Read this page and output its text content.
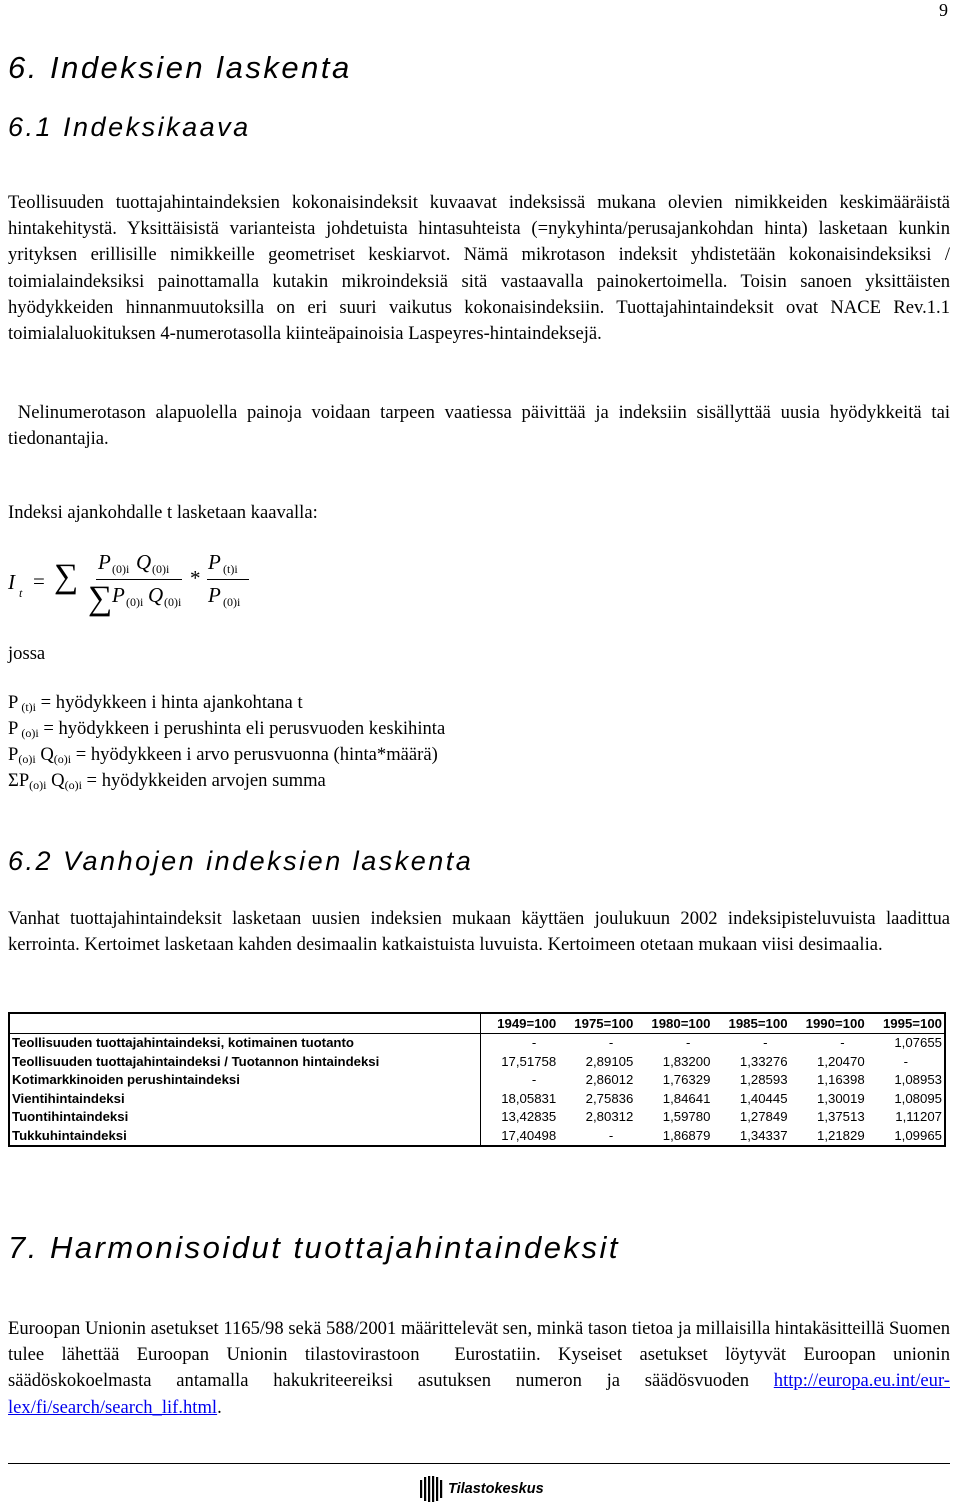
9
6. Indeksien laskenta
6.1 Indeksikaava
Teollisuuden tuottajahintaindeksien kokonaisindeksit kuvaavat indeksissä mukana olevien nimikkeiden keskimääräistä hintakehitystä. Yksittäisistä varianteista johdetuista hintasuhteista (=nykyhinta/perusajankohdan hinta) lasketaan kunkin yrityksen erillisille nimikkeille geometriset keskiarvot. Nämä mikrotason indeksit yhdistetään kokonaisindeksiksi / toimialaindeksiksi painottamalla kutakin mikroindeksiä sitä vastaavalla painokertoimella. Toisin sanoen yksittäisten hyödykkeiden hinnanmuutoksilla on eri suuri vaikutus kokonaisindeksiin. Tuottajahintaindeksit ovat NACE Rev.1.1 toimialaluokituksen 4-numerotasolla kiinteäpainoisia Laspeyres-hintaindeksejä.
Nelinumerotason alapuolella painoja voidaan tarpeen vaatiessa päivittää ja indeksiin sisällyttää uusia hyödykkeitä tai tiedonantajia.
Indeksi ajankohdalle t lasketaan kaavalla:
I t = ∑ P (0)i Q (0)i
∑ P (0)i Q (0)i
*
P (t)i
P (0)i
jossa
P $_{(t)i}$ = hyödykkeen i hinta ajankohtana t
P $_{(o)i}$ = hyödykkeen i perushinta eli perusvuoden keskihinta
$P_{(o)i}$ $Q_{(o)i}$ = hyödykkeen i arvo perusvuonna (hinta*määrä)
$\Sigma P_{(o)i}$ $Q_{(o)i}$ = hyödykkeiden arvojen summa
6.2 Vanhojen indeksien laskenta
Vanhat tuottajahintaindeksit lasketaan uusien indeksien mukaan käyttäen joulukuun 2002 indeksipisteluvuista laadittua kerrointa. Kertoimet lasketaan kahden desimaalin katkaistuista luvuista. Kertoimeen otetaan mukaan viisi desimaalia.
	1949=100	1975=100	1980=100	1985=100	1990=100	1995=100
Teollisuuden tuottajahintaindeksi, kotimainen tuotanto	-	-	-	-	-	1,07655
Teollisuuden tuottajahintaindeksi / Tuotannon hintaindeksi	17,51758	2,89105	1,83200	1,33276	1,20470	-
Kotimarkkinoiden perushintaindeksi	-	2,86012	1,76329	1,28593	1,16398	1,08953
Vientihintaindeksi	18,05831	2,75836	1,84641	1,40445	1,30019	1,08095
Tuontihintaindeksi	13,42835	2,80312	1,59780	1,27849	1,37513	1,11207
Tukkuhintaindeksi	17,40498	-	1,86879	1,34337	1,21829	1,09965
7. Harmonisoidut tuottajahintaindeksit
Euroopan Unionin asetukset 1165/98 sekä 588/2001 määrittelevät sen, minkä tason tietoa ja millaisilla hintakäsitteillä Suomen tulee lähettää Euroopan Unionin tilastovirastoon  Eurostatiin. Kyseiset asetukset löytyvät Euroopan unionin säädöskokoelmasta antamalla hakukriteereiksi asutuksen numeron ja säädösvuoden http://europa.eu.int/eur-lex/fi/search/search_lif.html.
Tilastokeskus
